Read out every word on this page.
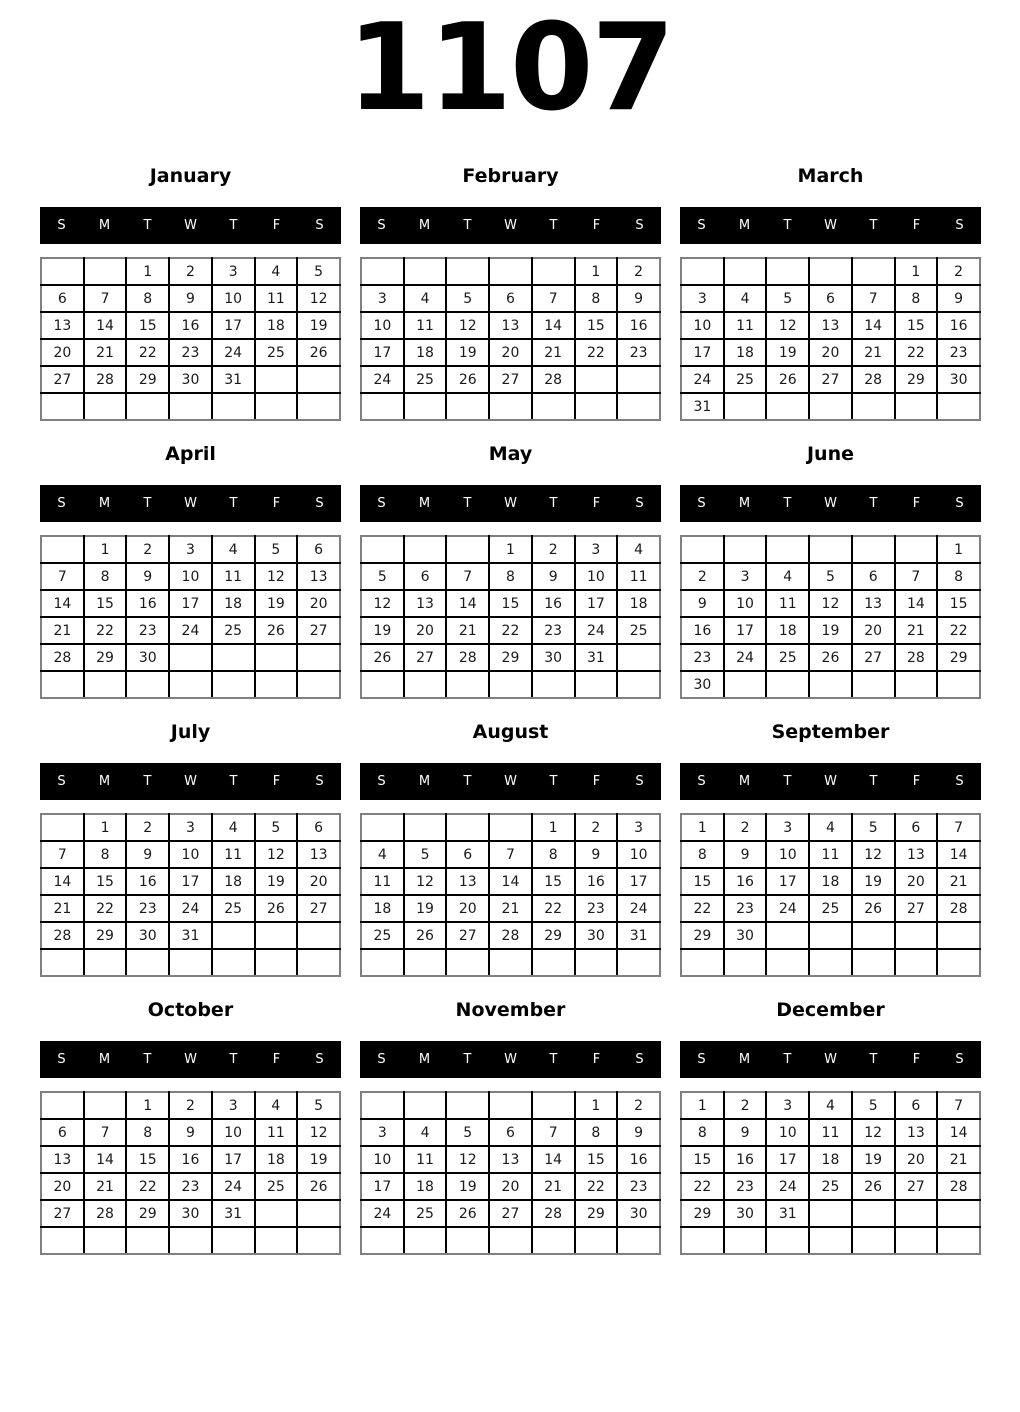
1107
January
S	M	T	W	T	F	S
		1	2	3	4	5
6	7	8	9	10	11	12
13	14	15	16	17	18	19
20	21	22	23	24	25	26
27	28	29	30	31		

February
S	M	T	W	T	F	S
					1	2
3	4	5	6	7	8	9
10	11	12	13	14	15	16
17	18	19	20	21	22	23
24	25	26	27	28		

March
S	M	T	W	T	F	S
					1	2
3	4	5	6	7	8	9
10	11	12	13	14	15	16
17	18	19	20	21	22	23
24	25	26	27	28	29	30
31						
April
S	M	T	W	T	F	S
	1	2	3	4	5	6
7	8	9	10	11	12	13
14	15	16	17	18	19	20
21	22	23	24	25	26	27
28	29	30				

May
S	M	T	W	T	F	S
			1	2	3	4
5	6	7	8	9	10	11
12	13	14	15	16	17	18
19	20	21	22	23	24	25
26	27	28	29	30	31	

June
S	M	T	W	T	F	S
						1
2	3	4	5	6	7	8
9	10	11	12	13	14	15
16	17	18	19	20	21	22
23	24	25	26	27	28	29
30						
July
S	M	T	W	T	F	S
	1	2	3	4	5	6
7	8	9	10	11	12	13
14	15	16	17	18	19	20
21	22	23	24	25	26	27
28	29	30	31			

August
S	M	T	W	T	F	S
				1	2	3
4	5	6	7	8	9	10
11	12	13	14	15	16	17
18	19	20	21	22	23	24
25	26	27	28	29	30	31

September
S	M	T	W	T	F	S
1	2	3	4	5	6	7
8	9	10	11	12	13	14
15	16	17	18	19	20	21
22	23	24	25	26	27	28
29	30					

October
S	M	T	W	T	F	S
		1	2	3	4	5
6	7	8	9	10	11	12
13	14	15	16	17	18	19
20	21	22	23	24	25	26
27	28	29	30	31		

November
S	M	T	W	T	F	S
					1	2
3	4	5	6	7	8	9
10	11	12	13	14	15	16
17	18	19	20	21	22	23
24	25	26	27	28	29	30

December
S	M	T	W	T	F	S
1	2	3	4	5	6	7
8	9	10	11	12	13	14
15	16	17	18	19	20	21
22	23	24	25	26	27	28
29	30	31				
